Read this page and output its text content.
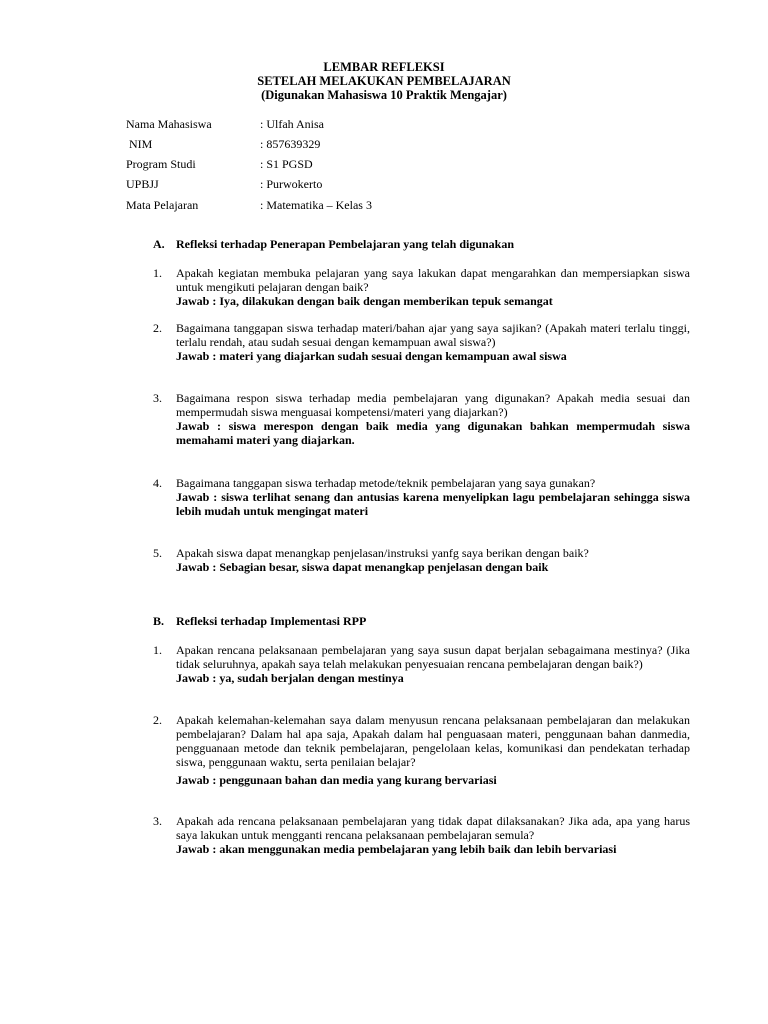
LEMBAR REFLEKSI
SETELAH MELAKUKAN PEMBELAJARAN
(Digunakan Mahasiswa 10 Praktik Mengajar)
Nama Mahasiswa	: Ulfah Anisa
NIM	: 857639329
Program Studi	: S1 PGSD
UPBJJ	: Purwokerto
Mata Pelajaran	: Matematika – Kelas 3
A. Refleksi terhadap Penerapan Pembelajaran yang telah digunakan
1. Apakah kegiatan membuka pelajaran yang saya lakukan dapat mengarahkan dan mempersiapkan siswa untuk mengikuti pelajaran dengan baik?
Jawab : Iya, dilakukan dengan baik dengan memberikan tepuk semangat
2. Bagaimana tanggapan siswa terhadap materi/bahan ajar yang saya sajikan? (Apakah materi terlalu tinggi, terlalu rendah, atau sudah sesuai dengan kemampuan awal siswa?)
Jawab : materi yang diajarkan sudah sesuai dengan kemampuan awal siswa
3. Bagaimana respon siswa terhadap media pembelajaran yang digunakan? Apakah media sesuai dan mempermudah siswa menguasai kompetensi/materi yang diajarkan?)
Jawab : siswa merespon dengan baik media yang digunakan bahkan mempermudah siswa memahami materi yang diajarkan.
4. Bagaimana tanggapan siswa terhadap metode/teknik pembelajaran yang saya gunakan?
Jawab : siswa terlihat senang dan antusias karena menyelipkan lagu pembelajaran sehingga siswa lebih mudah untuk mengingat materi
5. Apakah siswa dapat menangkap penjelasan/instruksi yanfg saya berikan dengan baik?
Jawab : Sebagian besar, siswa dapat menangkap penjelasan dengan baik
B. Refleksi terhadap Implementasi RPP
1. Apakan rencana pelaksanaan pembelajaran yang saya susun dapat berjalan sebagaimana mestinya? (Jika tidak seluruhnya, apakah saya telah melakukan penyesuaian rencana pembelajaran dengan baik?)
Jawab : ya, sudah berjalan dengan mestinya
2. Apakah kelemahan-kelemahan saya dalam menyusun rencana pelaksanaan pembelajaran dan melakukan pembelajaran? Dalam hal apa saja, Apakah dalam hal penguasaan materi, penggunaan bahan danmedia, pengguanaan metode dan teknik pembelajaran, pengelolaan kelas, komunikasi dan pendekatan terhadap siswa, penggunaan waktu, serta penilaian belajar?
Jawab : penggunaan bahan dan media yang kurang bervariasi
3. Apakah ada rencana pelaksanaan pembelajaran yang tidak dapat dilaksanakan? Jika ada, apa yang harus saya lakukan untuk mengganti rencana pelaksanaan pembelajaran semula?
Jawab : akan menggunakan media pembelajaran yang lebih baik dan lebih bervariasi
